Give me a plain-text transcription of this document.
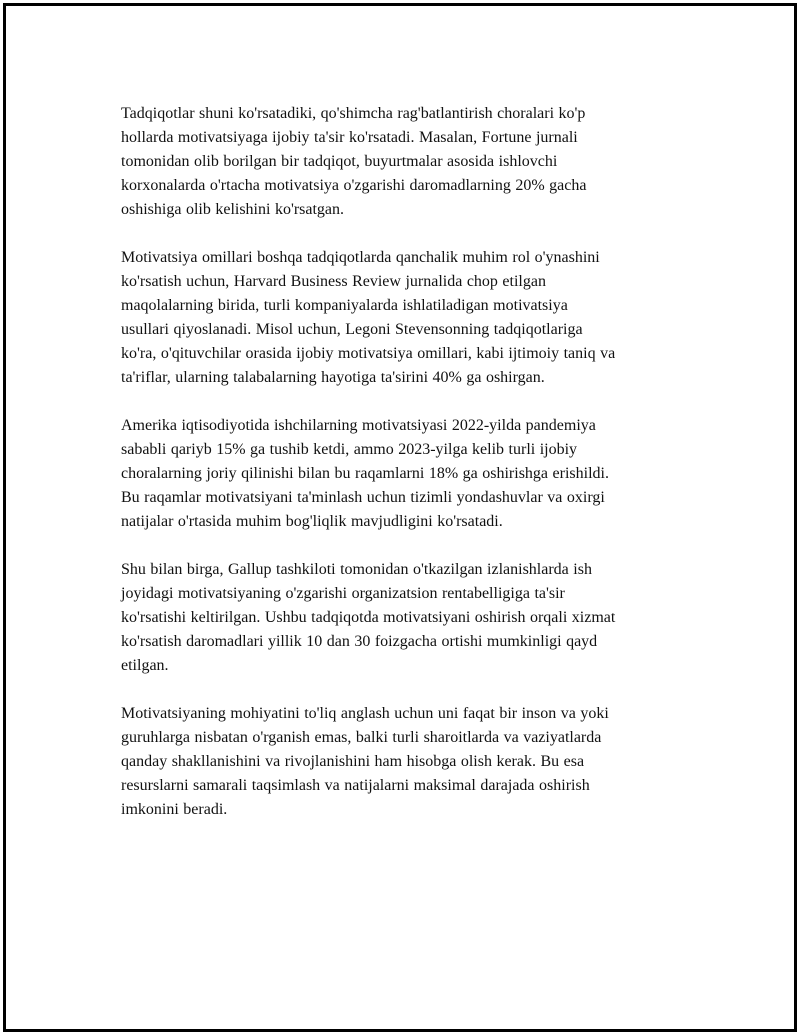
Tadqiqotlar shuni ko'rsatadiki, qo'shimcha rag'batlantirish choralari ko'p
hollarda motivatsiyaga ijobiy ta'sir ko'rsatadi. Masalan, Fortune jurnali
tomonidan olib borilgan bir tadqiqot, buyurtmalar asosida ishlovchi
korxonalarda o'rtacha motivatsiya o'zgarishi daromadlarning 20% gacha
oshishiga olib kelishini ko'rsatgan.

Motivatsiya omillari boshqa tadqiqotlarda qanchalik muhim rol o'ynashini
ko'rsatish uchun, Harvard Business Review jurnalida chop etilgan
maqolalarning birida, turli kompaniyalarda ishlatiladigan motivatsiya
usullari qiyoslanadi. Misol uchun, Legoni Stevensonning tadqiqotlariga
ko'ra, o'qituvchilar orasida ijobiy motivatsiya omillari, kabi ijtimoiy taniq va
ta'riflar, ularning talabalarning hayotiga ta'sirini 40% ga oshirgan.

Amerika iqtisodiyotida ishchilarning motivatsiyasi 2022-yilda pandemiya
sababli qariyb 15% ga tushib ketdi, ammo 2023-yilga kelib turli ijobiy
choralarning joriy qilinishi bilan bu raqamlarni 18% ga oshirishga erishildi.
Bu raqamlar motivatsiyani ta'minlash uchun tizimli yondashuvlar va oxirgi
natijalar o'rtasida muhim bog'liqlik mavjudligini ko'rsatadi.

Shu bilan birga, Gallup tashkiloti tomonidan o'tkazilgan izlanishlarda ish
joyidagi motivatsiyaning o'zgarishi organizatsion rentabelligiga ta'sir
ko'rsatishi keltirilgan. Ushbu tadqiqotda motivatsiyani oshirish orqali xizmat
ko'rsatish daromadlari yillik 10 dan 30 foizgacha ortishi mumkinligi qayd
etilgan.

Motivatsiyaning mohiyatini to'liq anglash uchun uni faqat bir inson va yoki
guruhlarga nisbatan o'rganish emas, balki turli sharoitlarda va vaziyatlarda
qanday shakllanishini va rivojlanishini ham hisobga olish kerak. Bu esa
resurslarni samarali taqsimlash va natijalarni maksimal darajada oshirish
imkonini beradi.
